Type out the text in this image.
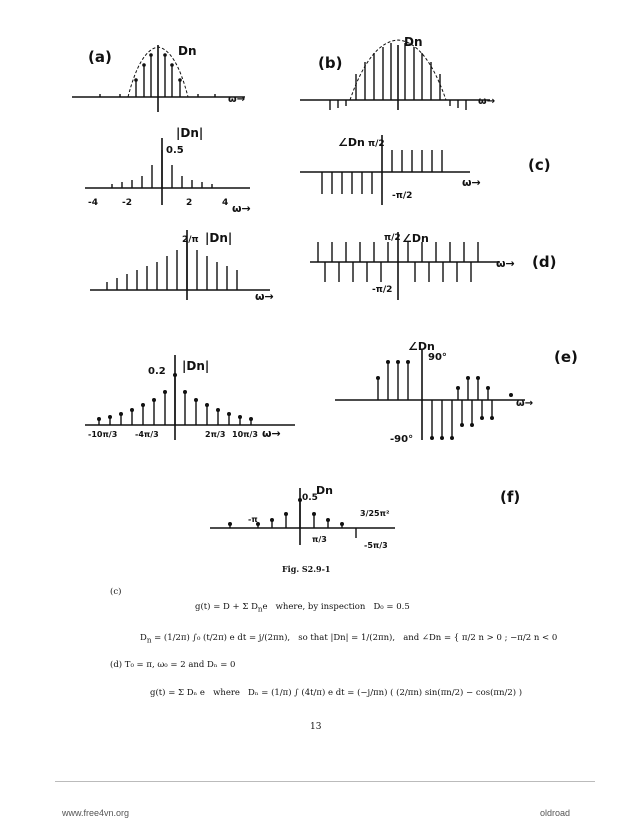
(a)	Dn
ω→
(b)
Dn
ω→
|Dn|
0.5
-4	-2	2	4 ω→
∠Dn π/2
-π/2
ω→
(c)
|Dn|
2/π
ω→
∠Dn
π/2
-π/2
ω→ (d)
|Dn|
0.2
-10π/3 -4π/3	2π/3 10π/3 ω→
∠Dn
90°
-90°
ω→
(e)
Dn
0.5
3/25π²
-π
π/3
-5π/3
(f)
Fig. S2.9-1
(c)
g(t) = D + Σ $D_ne$ where, by inspection D₀ = 0.5
$D_n = (1/2\pi)$ ∫₀ (t/2π) e dt = j/(2πn), so that |Dn| = 1/(2πn), and ∠Dn = { π/2 n > 0 ; −π/2 n < 0
(d) T₀ = π, ω₀ = 2 and Dₙ = 0
g(t) = Σ Dₙ e where Dₙ = (1/π) ∫ (4t/π) e dt = (−j/πn) ( (2/πn) sin(πn/2) − cos(πn/2) )
13
www.free4vn.org	oldroad
